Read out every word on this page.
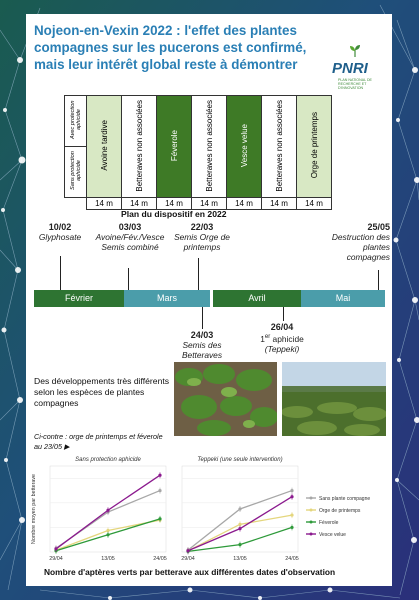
Nojeon-en-Vexin 2022 : l'effet des plantes compagnes sur les pucerons est confirmé, mais leur intérêt global reste à démontrer	PNRI
PLAN NATIONAL DE RECHERCHE ET D'INNOVATION
Avec protection aphicide	Avoine tardive	Betteraves non associées	Féverole	Betteraves non associées	Vesce velue	Betteraves non associées	Orge de printemps
Sans protection aphicide							
	14 m	14 m	14 m	14 m	14 m	14 m	14 m
Plan du dispositif en 2022
10/02
Glyphosate
03/03
Avoine/Fév./Vesce Semis combiné
22/03
Semis Orge de printemps
25/05
Destruction des plantes compagnes
Février	Mars	Avril	Mai
24/03
Semis des Betteraves
26/04
1er aphicide
(Teppeki)
Des développements très différents selon les espèces de plantes compagnes
Ci-contre : orge de printemps et féverole au 23/05 ▶
Nombre moyen par betterave
Sans protection aphicide
29/04	13/05	24/05
Teppeki (une seule intervention)
29/04	13/05	24/05
Sans plante compagne
Orge de printemps
Féverole
Vesce velue
Nombre d'aptères verts par betterave aux différentes dates d'observation
